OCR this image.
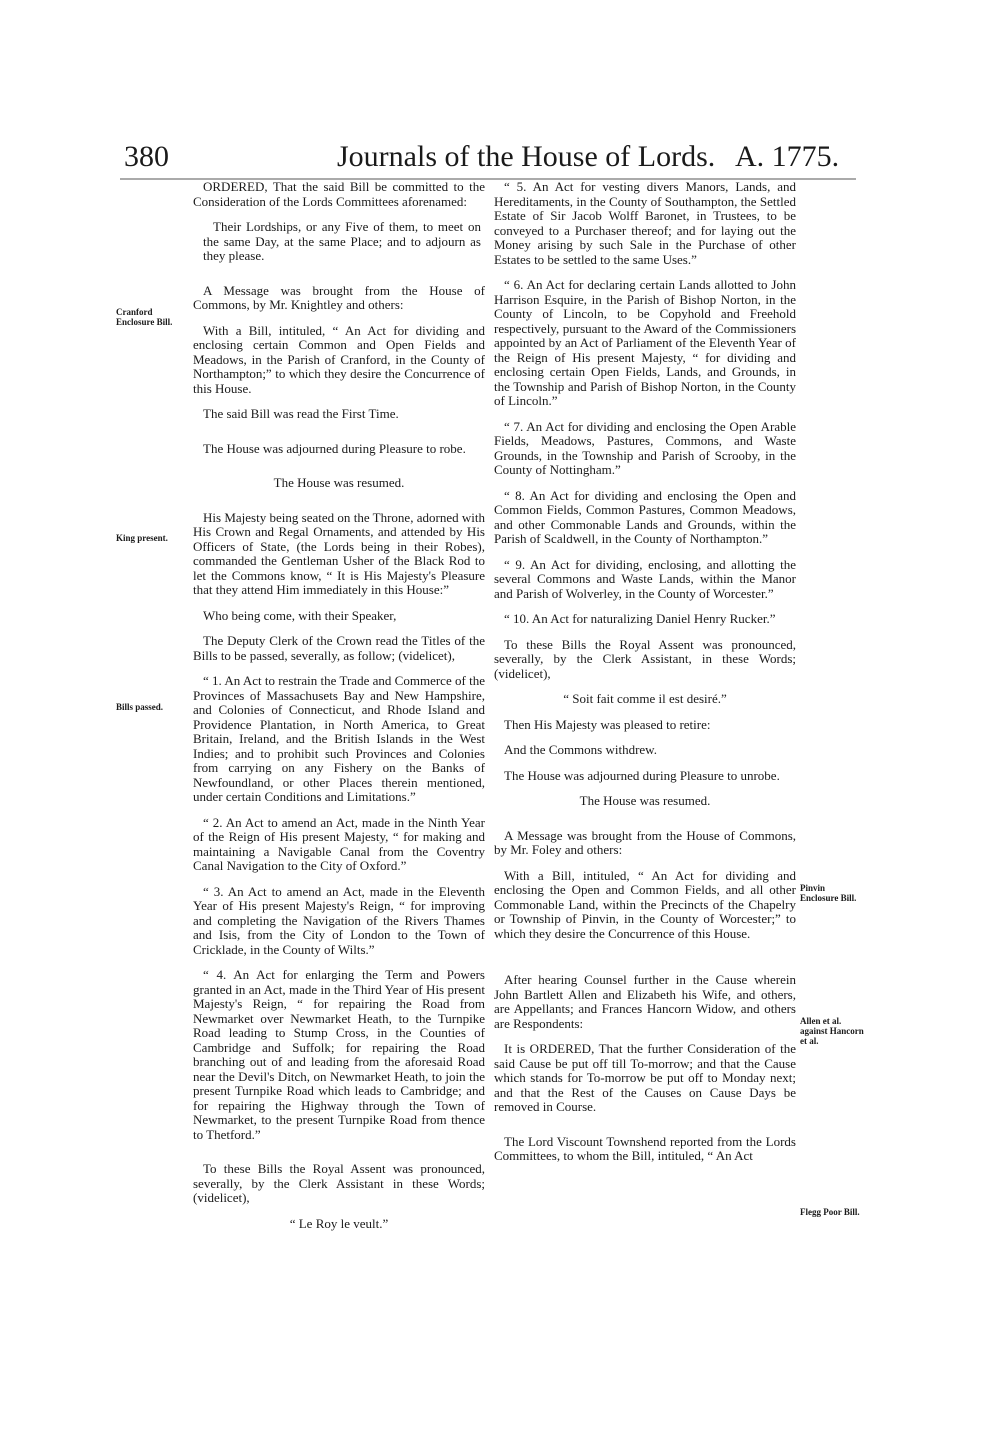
380	Journals of the House of Lords. A. 1775.

ORDERED, That the said Bill be committed to the Consideration of the Lords Committees aforenamed:

Their Lordships, or any Five of them, to meet on the same Day, at the same Place; and to adjourn as they please.

A Message was brought from the House of Commons, by Mr. Knightley and others:

With a Bill, intituled, “ An Act for dividing and enclosing certain Common and Open Fields and Meadows, in the Parish of Cranford, in the County of Northampton;” to which they desire the Concurrence of this House.

The said Bill was read the First Time.

The House was adjourned during Pleasure to robe.

The House was resumed.

His Majesty being seated on the Throne, adorned with His Crown and Regal Ornaments, and attended by His Officers of State, (the Lords being in their Robes), commanded the Gentleman Usher of the Black Rod to let the Commons know, “ It is His Majesty's Pleasure that they attend Him immediately in this House:”

Who being come, with their Speaker,

The Deputy Clerk of the Crown read the Titles of the Bills to be passed, severally, as follow; (videlicet),

“ 1. An Act to restrain the Trade and Commerce of the Provinces of Massachusets Bay and New Hampshire, and Colonies of Connecticut, and Rhode Island and Providence Plantation, in North America, to Great Britain, Ireland, and the British Islands in the West Indies; and to prohibit such Provinces and Colonies from carrying on any Fishery on the Banks of Newfoundland, or other Places therein mentioned, under certain Conditions and Limitations.”

“ 2. An Act to amend an Act, made in the Ninth Year of the Reign of His present Majesty, “ for making and maintaining a Navigable Canal from the Coventry Canal Navigation to the City of Oxford.”

“ 3. An Act to amend an Act, made in the Eleventh Year of His present Majesty's Reign, “ for improving and completing the Navigation of the Rivers Thames and Isis, from the City of London to the Town of Cricklade, in the County of Wilts.”

“ 4. An Act for enlarging the Term and Powers granted in an Act, made in the Third Year of His present Majesty's Reign, “ for repairing the Road from Newmarket over Newmarket Heath, to the Turnpike Road leading to Stump Cross, in the Counties of Cambridge and Suffolk; for repairing the Road branching out of and leading from the aforesaid Road near the Devil's Ditch, on Newmarket Heath, to join the present Turnpike Road which leads to Cambridge; and for repairing the Highway through the Town of Newmarket, to the present Turnpike Road from thence to Thetford.”

To these Bills the Royal Assent was pronounced, severally, by the Clerk Assistant in these Words; (videlicet),

“ Le Roy le veult.”

“ 5. An Act for vesting divers Manors, Lands, and Hereditaments, in the County of Southampton, the Settled Estate of Sir Jacob Wolff Baronet, in Trustees, to be conveyed to a Purchaser thereof; and for laying out the Money arising by such Sale in the Purchase of other Estates to be settled to the same Uses.”

“ 6. An Act for declaring certain Lands allotted to John Harrison Esquire, in the Parish of Bishop Norton, in the County of Lincoln, to be Copyhold and Freehold respectively, pursuant to the Award of the Commissioners appointed by an Act of Parliament of the Eleventh Year of the Reign of His present Majesty, “ for dividing and enclosing certain Open Fields, Lands, and Grounds, in the Township and Parish of Bishop Norton, in the County of Lincoln.”

“ 7. An Act for dividing and enclosing the Open Arable Fields, Meadows, Pastures, Commons, and Waste Grounds, in the Township and Parish of Scrooby, in the County of Nottingham.”

“ 8. An Act for dividing and enclosing the Open and Common Fields, Common Pastures, Common Meadows, and other Commonable Lands and Grounds, within the Parish of Scaldwell, in the County of Northampton.”

“ 9. An Act for dividing, enclosing, and allotting the several Commons and Waste Lands, within the Manor and Parish of Wolverley, in the County of Worcester.”

“ 10. An Act for naturalizing Daniel Henry Rucker.”

To these Bills the Royal Assent was pronounced, severally, by the Clerk Assistant, in these Words; (videlicet),

“ Soit fait comme il est desiré.”

Then His Majesty was pleased to retire:

And the Commons withdrew.

The House was adjourned during Pleasure to unrobe.

The House was resumed.

A Message was brought from the House of Commons, by Mr. Foley and others:

With a Bill, intituled, “ An Act for dividing and enclosing the Open and Common Fields, and all other Commonable Land, within the Precincts of the Chapelry or Township of Pinvin, in the County of Worcester;” to which they desire the Concurrence of this House.

After hearing Counsel further in the Cause wherein John Bartlett Allen and Elizabeth his Wife, and others, are Appellants; and Frances Hancorn Widow, and others are Respondents:

It is ORDERED, That the further Consideration of the said Cause be put off till To-morrow; and that the Cause which stands for To-morrow be put off to Monday next; and that the Rest of the Causes on Cause Days be removed in Course.

The Lord Viscount Townshend reported from the Lords Committees, to whom the Bill, intituled, “ An Act

Cranford Enclosure Bill.
King present.
Bills passed.
Pinvin Enclosure Bill.
Allen et al. against Hancorn et al.
Flegg Poor Bill.
